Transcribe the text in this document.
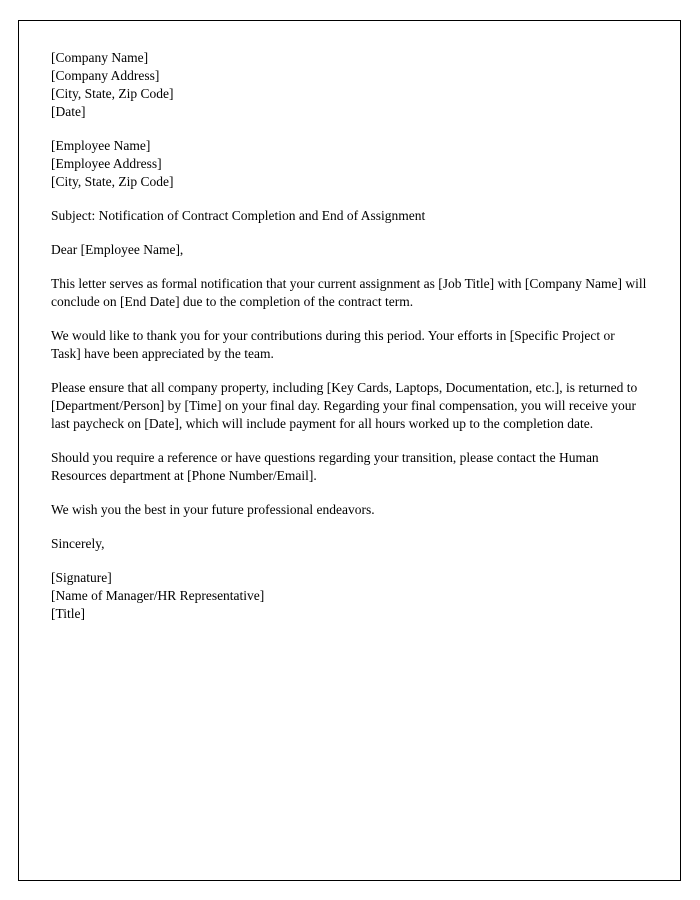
[Company Name]
[Company Address]
[City, State, Zip Code]
[Date]
[Employee Name]
[Employee Address]
[City, State, Zip Code]

Subject: Notification of Contract Completion and End of Assignment

Dear [Employee Name],

This letter serves as formal notification that your current assignment as [Job Title] with [Company Name] will conclude on [End Date] due to the completion of the contract term.

We would like to thank you for your contributions during this period. Your efforts in [Specific Project or Task] have been appreciated by the team.

Please ensure that all company property, including [Key Cards, Laptops, Documentation, etc.], is returned to [Department/Person] by [Time] on your final day. Regarding your final compensation, you will receive your last paycheck on [Date], which will include payment for all hours worked up to the completion date.

Should you require a reference or have questions regarding your transition, please contact the Human Resources department at [Phone Number/Email].

We wish you the best in your future professional endeavors.

Sincerely,

[Signature]
[Name of Manager/HR Representative]
[Title]
